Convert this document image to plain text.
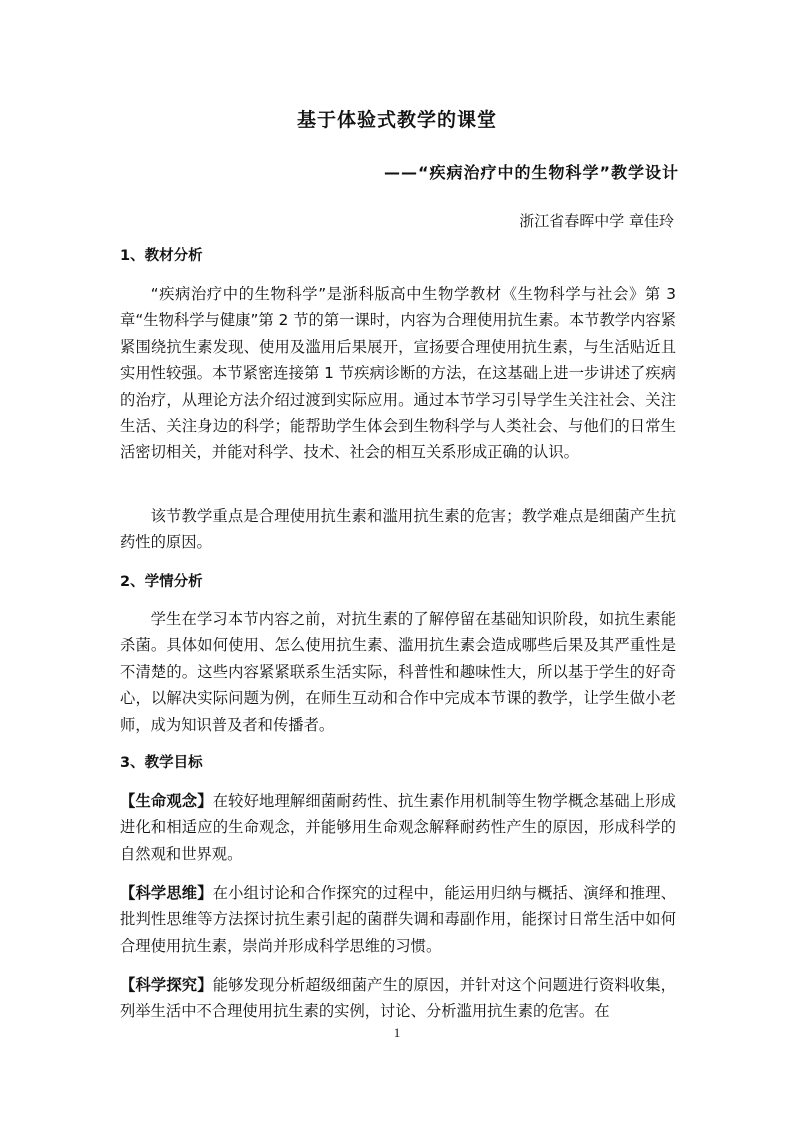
基于体验式教学的课堂
——“疾病治疗中的生物科学”教学设计
浙江省春晖中学 章佳玲
1、教材分析
“疾病治疗中的生物科学”是浙科版高中生物学教材《生物科学与社会》第 3 章“生物科学与健康”第 2 节的第一课时，内容为合理使用抗生素。本节教学内容紧紧围绕抗生素发现、使用及滥用后果展开，宣扬要合理使用抗生素，与生活贴近且实用性较强。本节紧密连接第 1 节疾病诊断的方法，在这基础上进一步讲述了疾病的治疗，从理论方法介绍过渡到实际应用。通过本节学习引导学生关注社会、关注生活、关注身边的科学；能帮助学生体会到生物科学与人类社会、与他们的日常生活密切相关，并能对科学、技术、社会的相互关系形成正确的认识。
该节教学重点是合理使用抗生素和滥用抗生素的危害；教学难点是细菌产生抗药性的原因。
2、学情分析
学生在学习本节内容之前，对抗生素的了解停留在基础知识阶段，如抗生素能杀菌。具体如何使用、怎么使用抗生素、滥用抗生素会造成哪些后果及其严重性是不清楚的。这些内容紧紧联系生活实际，科普性和趣味性大，所以基于学生的好奇心，以解决实际问题为例，在师生互动和合作中完成本节课的教学，让学生做小老师，成为知识普及者和传播者。
3、教学目标
【生命观念】在较好地理解细菌耐药性、抗生素作用机制等生物学概念基础上形成进化和相适应的生命观念，并能够用生命观念解释耐药性产生的原因，形成科学的自然观和世界观。
【科学思维】在小组讨论和合作探究的过程中，能运用归纳与概括、演绎和推理、批判性思维等方法探讨抗生素引起的菌群失调和毒副作用，能探讨日常生活中如何合理使用抗生素，崇尚并形成科学思维的习惯。
【科学探究】能够发现分析超级细菌产生的原因，并针对这个问题进行资料收集，列举生活中不合理使用抗生素的实例，讨论、分析滥用抗生素的危害。在
1
